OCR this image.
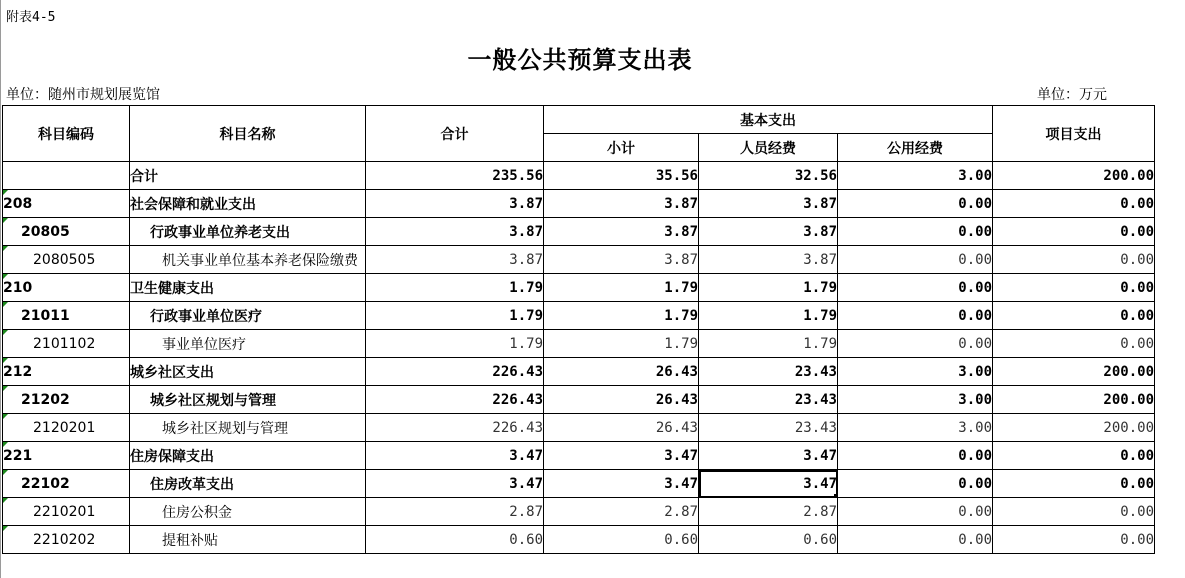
附表4-5
一般公共预算支出表
单位：随州市规划展览馆	单位：万元
科目编码	科目名称	合计	基本支出			项目支出
			小计	人员经费	公用经费	
	合计	235.56	35.56	32.56	3.00	200.00

208	社会保障和就业支出	3.87	3.87	3.87	0.00	0.00

20805	行政事业单位养老支出	3.87	3.87	3.87	0.00	0.00

2080505	机关事业单位基本养老保险缴费	3.87	3.87	3.87	0.00	0.00

210	卫生健康支出	1.79	1.79	1.79	0.00	0.00

21011	行政事业单位医疗	1.79	1.79	1.79	0.00	0.00

2101102	事业单位医疗	1.79	1.79	1.79	0.00	0.00

212	城乡社区支出	226.43	26.43	23.43	3.00	200.00

21202	城乡社区规划与管理	226.43	26.43	23.43	3.00	200.00

2120201	城乡社区规划与管理	226.43	26.43	23.43	3.00	200.00

221	住房保障支出	3.47	3.47	3.47	0.00	0.00

22102	住房改革支出	3.47	3.47	3.47	0.00	0.00

2210201	住房公积金	2.87	2.87	2.87	0.00	0.00

2210202	提租补贴	0.60	0.60	0.60	0.00	0.00
